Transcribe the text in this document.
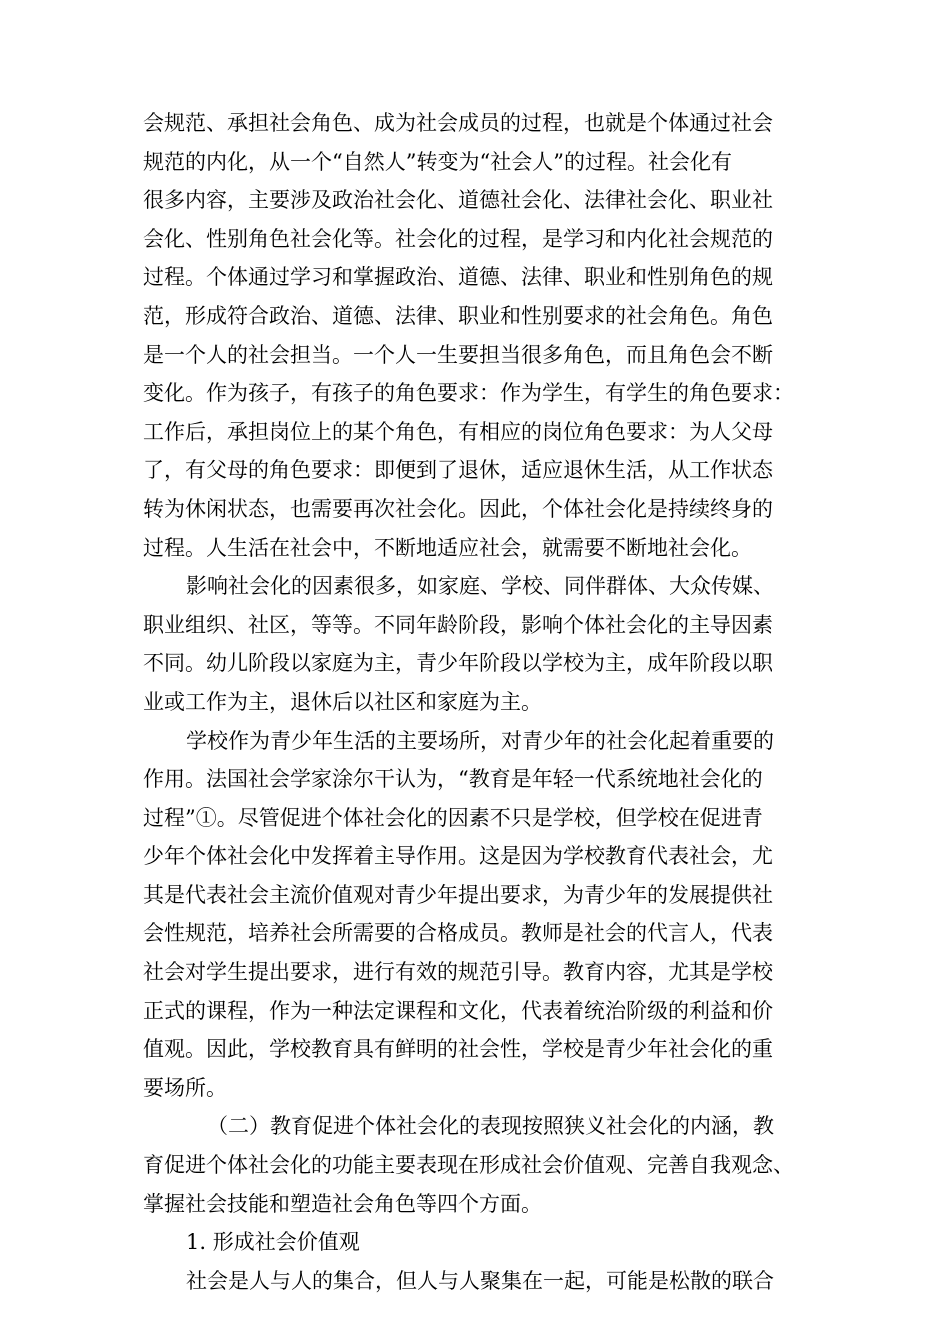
会规范、承担社会角色、成为社会成员的过程，也就是个体通过社会
规范的内化，从一个“自然人”转变为“社会人”的过程。社会化有
很多内容，主要涉及政治社会化、道德社会化、法律社会化、职业社
会化、性别角色社会化等。社会化的过程，是学习和内化社会规范的
过程。个体通过学习和掌握政治、道德、法律、职业和性别角色的规
范，形成符合政治、道德、法律、职业和性别要求的社会角色。角色
是一个人的社会担当。一个人一生要担当很多角色，而且角色会不断
变化。作为孩子，有孩子的角色要求：作为学生，有学生的角色要求：
工作后，承担岗位上的某个角色，有相应的岗位角色要求：为人父母
了，有父母的角色要求：即便到了退休，适应退休生活，从工作状态
转为休闲状态，也需要再次社会化。因此，个体社会化是持续终身的
过程。人生活在社会中，不断地适应社会，就需要不断地社会化。
影响社会化的因素很多，如家庭、学校、同伴群体、大众传媒、
职业组织、社区，等等。不同年龄阶段，影响个体社会化的主导因素
不同。幼儿阶段以家庭为主，青少年阶段以学校为主，成年阶段以职
业或工作为主，退休后以社区和家庭为主。
学校作为青少年生活的主要场所，对青少年的社会化起着重要的
作用。法国社会学家涂尔干认为，“教育是年轻一代系统地社会化的
过程”①。尽管促进个体社会化的因素不只是学校，但学校在促进青
少年个体社会化中发挥着主导作用。这是因为学校教育代表社会，尤
其是代表社会主流价值观对青少年提出要求，为青少年的发展提供社
会性规范，培养社会所需要的合格成员。教师是社会的代言人，代表
社会对学生提出要求，进行有效的规范引导。教育内容，尤其是学校
正式的课程，作为一种法定课程和文化，代表着统治阶级的利益和价
值观。因此，学校教育具有鲜明的社会性，学校是青少年社会化的重
要场所。
（二）教育促进个体社会化的表现按照狭义社会化的内涵，教
育促进个体社会化的功能主要表现在形成社会价值观、完善自我观念、
掌握社会技能和塑造社会角色等四个方面。
1. 形成社会价值观
社会是人与人的集合，但人与人聚集在一起，可能是松散的联合
